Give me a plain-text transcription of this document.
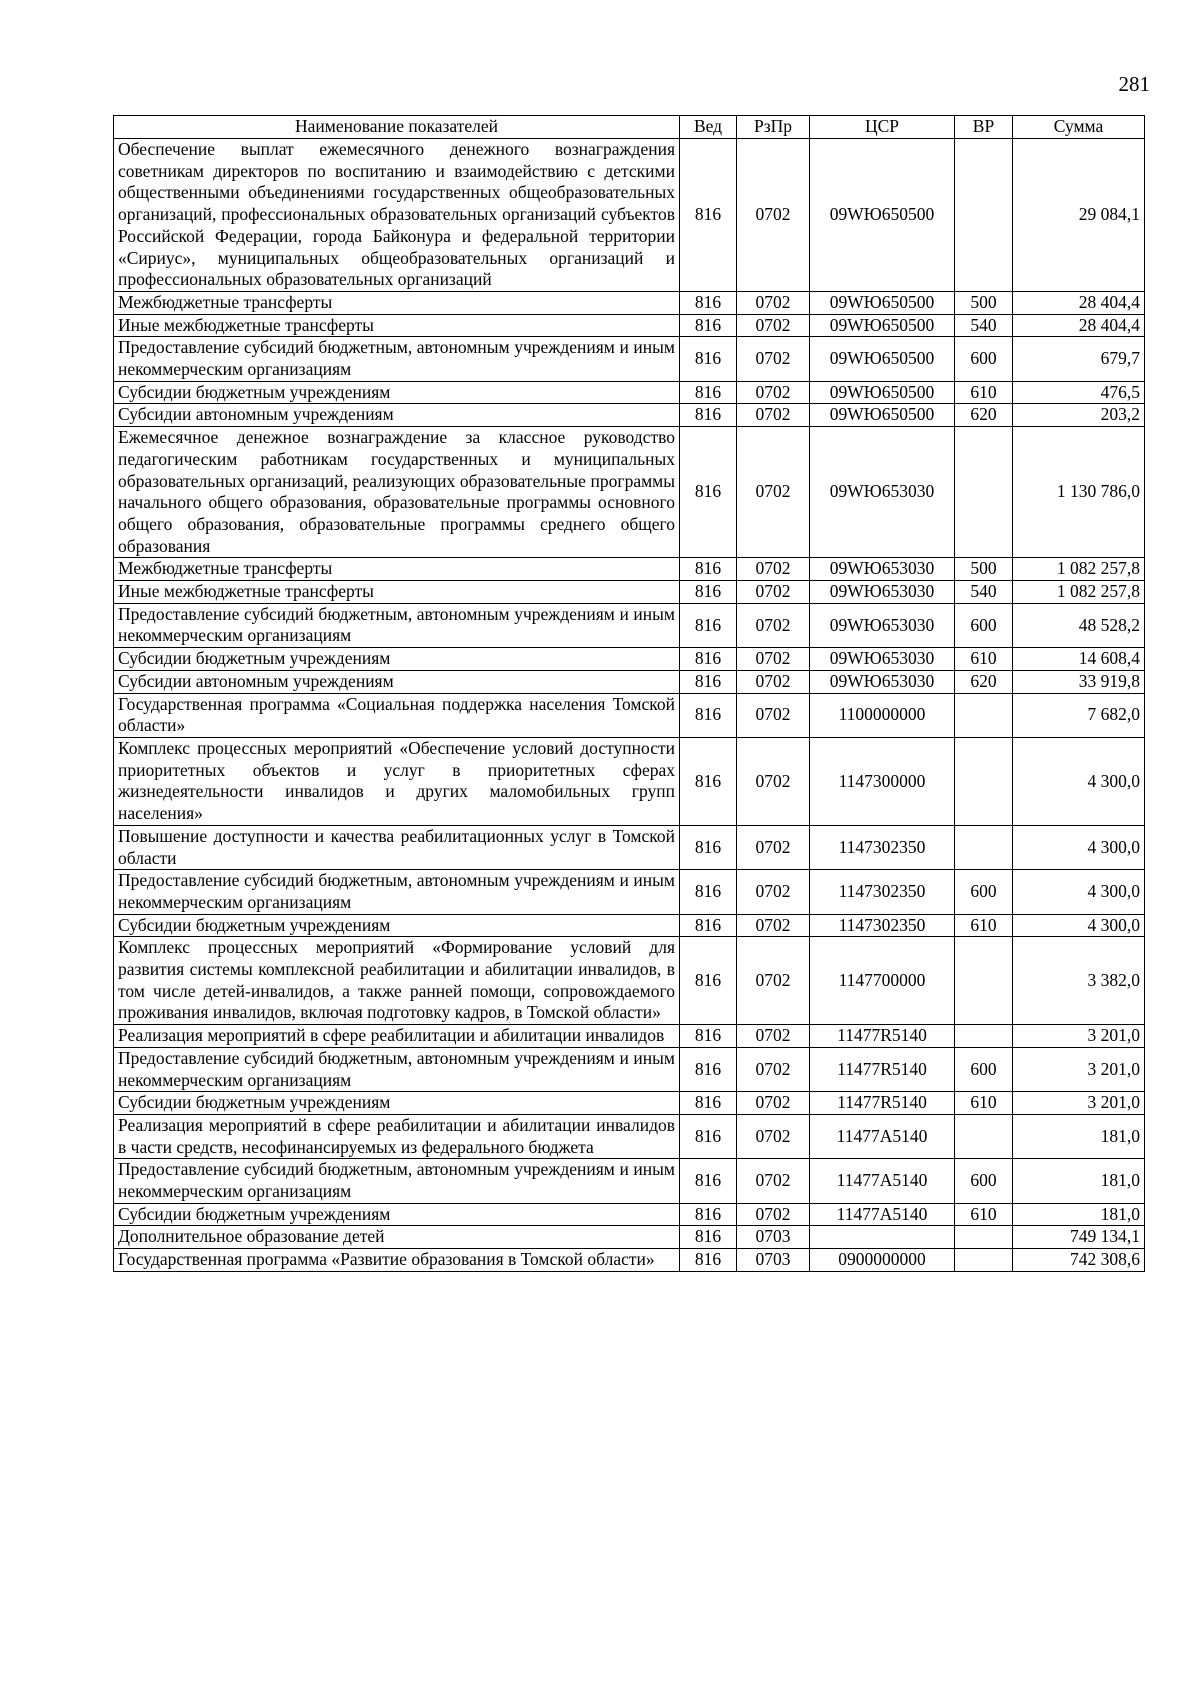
281
Наименование показателей	Вед	РзПр	ЦСР	ВР	Сумма
Обеспечение выплат ежемесячного денежного вознаграждения советникам директоров по воспитанию и взаимодействию с детскими общественными объединениями государственных общеобразовательных организаций, профессиональных образовательных организаций субъектов Российской Федерации, города Байконура и федеральной территории «Сириус», муниципальных общеобразовательных организаций и профессиональных образовательных организаций	816	0702	09WЮ650500		29 084,1
Межбюджетные трансферты	816	0702	09WЮ650500	500	28 404,4
Иные межбюджетные трансферты	816	0702	09WЮ650500	540	28 404,4
Предоставление субсидий бюджетным, автономным учреждениям и иным некоммерческим организациям	816	0702	09WЮ650500	600	679,7
Субсидии бюджетным учреждениям	816	0702	09WЮ650500	610	476,5
Субсидии автономным учреждениям	816	0702	09WЮ650500	620	203,2
Ежемесячное денежное вознаграждение за классное руководство педагогическим работникам государственных и муниципальных образовательных организаций, реализующих образовательные программы начального общего образования, образовательные программы основного общего образования, образовательные программы среднего общего образования	816	0702	09WЮ653030		1 130 786,0
Межбюджетные трансферты	816	0702	09WЮ653030	500	1 082 257,8
Иные межбюджетные трансферты	816	0702	09WЮ653030	540	1 082 257,8
Предоставление субсидий бюджетным, автономным учреждениям и иным некоммерческим организациям	816	0702	09WЮ653030	600	48 528,2
Субсидии бюджетным учреждениям	816	0702	09WЮ653030	610	14 608,4
Субсидии автономным учреждениям	816	0702	09WЮ653030	620	33 919,8
Государственная программа «Социальная поддержка населения Томской области»	816	0702	1100000000		7 682,0
Комплекс процессных мероприятий «Обеспечение условий доступности приоритетных объектов и услуг в приоритетных сферах жизнедеятельности инвалидов и других маломобильных групп населения»	816	0702	1147300000		4 300,0
Повышение доступности и качества реабилитационных услуг в Томской области	816	0702	1147302350		4 300,0
Предоставление субсидий бюджетным, автономным учреждениям и иным некоммерческим организациям	816	0702	1147302350	600	4 300,0
Субсидии бюджетным учреждениям	816	0702	1147302350	610	4 300,0
Комплекс процессных мероприятий «Формирование условий для развития системы комплексной реабилитации и абилитации инвалидов, в том числе детей-инвалидов, а также ранней помощи, сопровождаемого проживания инвалидов, включая подготовку кадров, в Томской области»	816	0702	1147700000		3 382,0
Реализация мероприятий в сфере реабилитации и абилитации инвалидов	816	0702	11477R5140		3 201,0
Предоставление субсидий бюджетным, автономным учреждениям и иным некоммерческим организациям	816	0702	11477R5140	600	3 201,0
Субсидии бюджетным учреждениям	816	0702	11477R5140	610	3 201,0
Реализация мероприятий в сфере реабилитации и абилитации инвалидов в части средств, несофинансируемых из федерального бюджета	816	0702	11477A5140		181,0
Предоставление субсидий бюджетным, автономным учреждениям и иным некоммерческим организациям	816	0702	11477A5140	600	181,0
Субсидии бюджетным учреждениям	816	0702	11477A5140	610	181,0
Дополнительное образование детей	816	0703			749 134,1
Государственная программа «Развитие образования в Томской области»	816	0703	0900000000		742 308,6
